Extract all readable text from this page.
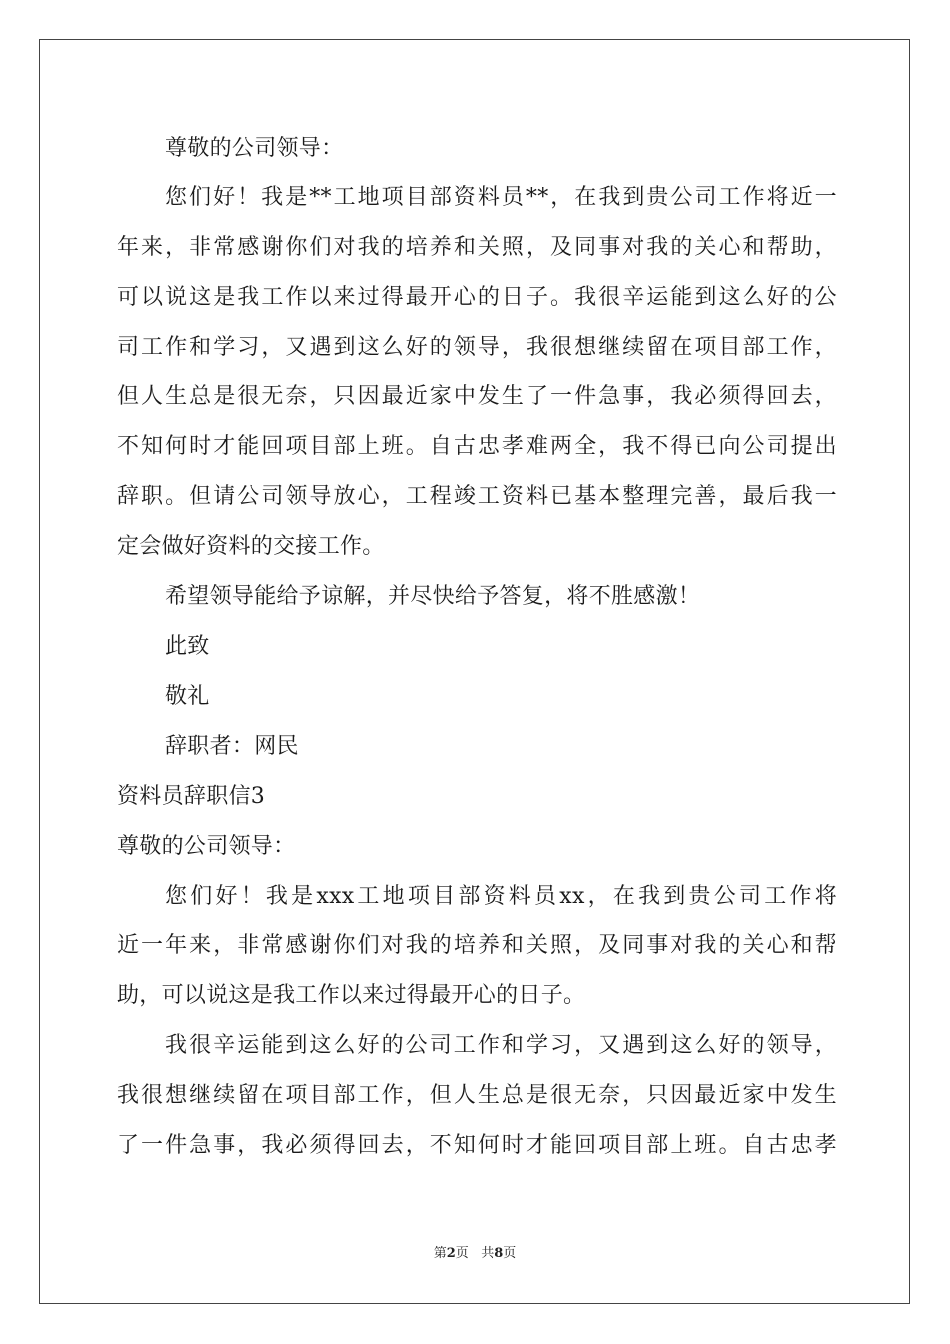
尊敬的公司领导：
您们好！我是**工地项目部资料员**，在我到贵公司工作将近一
年来，非常感谢你们对我的培养和关照，及同事对我的关心和帮助，
可以说这是我工作以来过得最开心的日子。我很辛运能到这么好的公
司工作和学习，又遇到这么好的领导，我很想继续留在项目部工作，
但人生总是很无奈，只因最近家中发生了一件急事，我必须得回去，
不知何时才能回项目部上班。自古忠孝难两全，我不得已向公司提出
辞职。但请公司领导放心，工程竣工资料已基本整理完善，最后我一
定会做好资料的交接工作。
希望领导能给予谅解，并尽快给予答复，将不胜感激！
此致
敬礼
辞职者：网民
资料员辞职信3
尊敬的公司领导：
您们好！我是xxx工地项目部资料员xx，在我到贵公司工作将
近一年来，非常感谢你们对我的培养和关照，及同事对我的关心和帮
助，可以说这是我工作以来过得最开心的日子。
我很辛运能到这么好的公司工作和学习，又遇到这么好的领导，
我很想继续留在项目部工作，但人生总是很无奈，只因最近家中发生
了一件急事，我必须得回去，不知何时才能回项目部上班。自古忠孝
第2页 共8页
